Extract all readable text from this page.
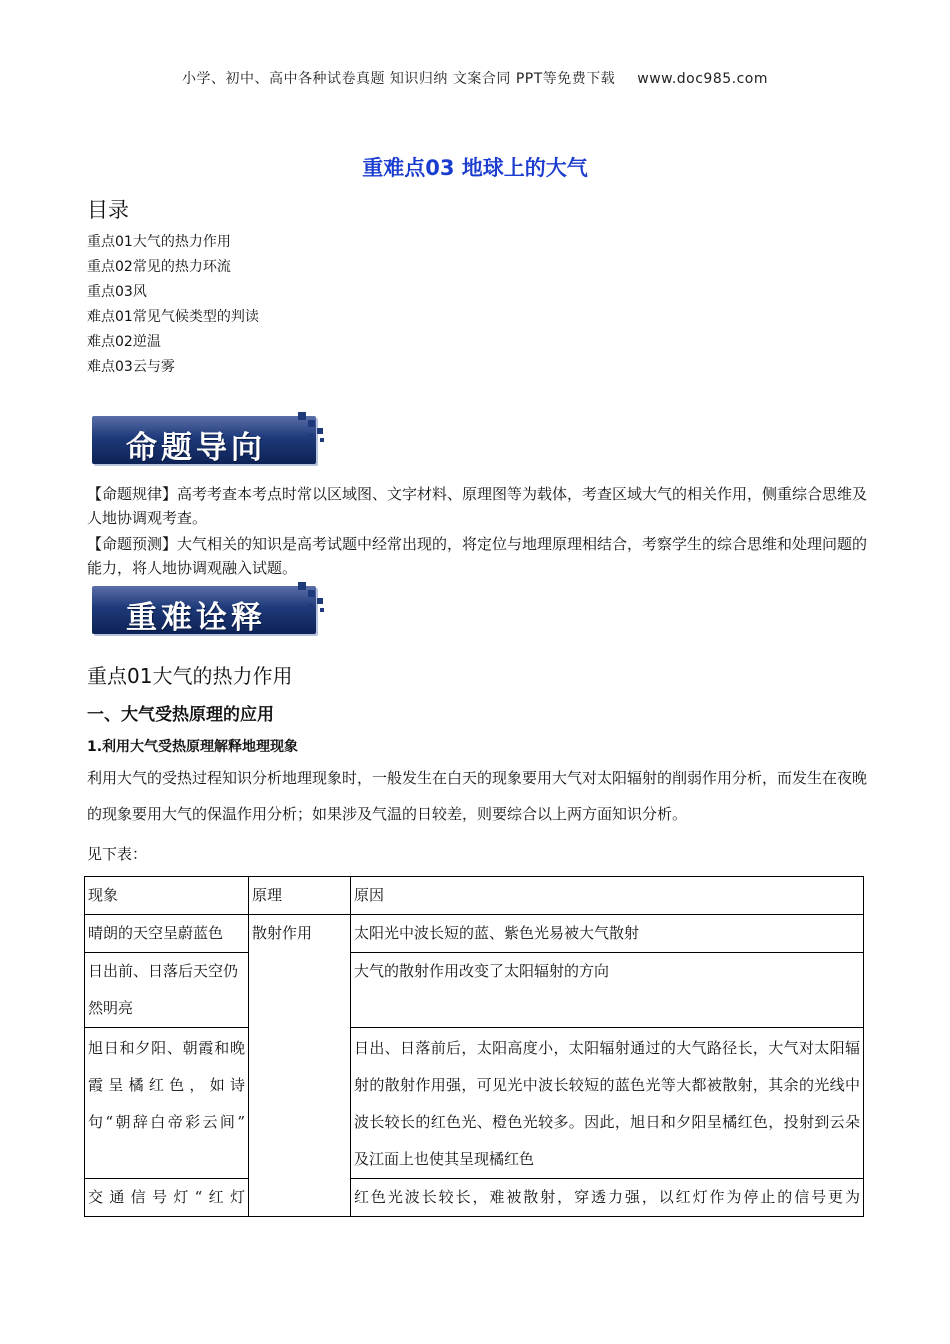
小学、初中、高中各种试卷真题 知识归纳 文案合同 PPT等免费下载 www.doc985.com
重难点03 地球上的大气
目录
重点01大气的热力作用
重点02常见的热力环流
重点03风
难点01常见气候类型的判读
难点02逆温
难点03云与雾
命题导向
【命题规律】高考考查本考点时常以区域图、文字材料、原理图等为载体，考查区域大气的相关作用，侧重综合思维及人地协调观考查。
【命题预测】大气相关的知识是高考试题中经常出现的，将定位与地理原理相结合，考察学生的综合思维和处理问题的能力，将人地协调观融入试题。
重难诠释
重点01大气的热力作用
一、大气受热原理的应用
1.利用大气受热原理解释地理现象
利用大气的受热过程知识分析地理现象时，一般发生在白天的现象要用大气对太阳辐射的削弱作用分析，而发生在夜晚的现象要用大气的保温作用分析；如果涉及气温的日较差，则要综合以上两方面知识分析。
见下表：
现象	原理	原因
晴朗的天空呈蔚蓝色	散射作用	太阳光中波长短的蓝、紫色光易被大气散射
日出前、日落后天空仍然明亮		大气的散射作用改变了太阳辐射的方向
旭日和夕阳、朝霞和晚霞呈橘红色，如诗句“朝辞白帝彩云间”		日出、日落前后，太阳高度小，太阳辐射通过的大气路径长，大气对太阳辐射的散射作用强，可见光中波长较短的蓝色光等大都被散射，其余的光线中波长较长的红色光、橙色光较多。因此，旭日和夕阳呈橘红色，投射到云朵及江面上也使其呈现橘红色
交通信号灯“红灯		红色光波长较长，难被散射，穿透力强，以红灯作为停止的信号更为
